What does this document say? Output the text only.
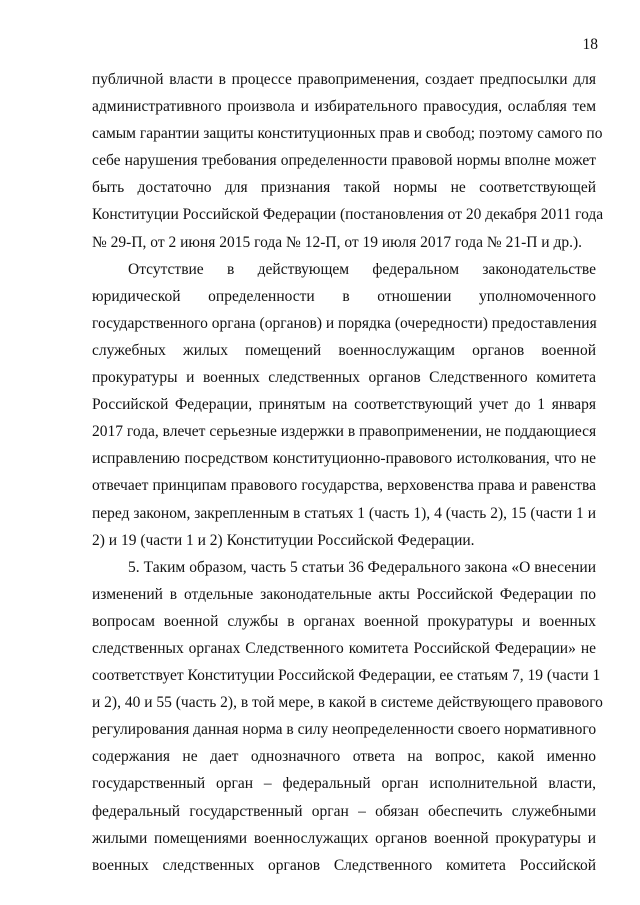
18
публичной власти в процессе правоприменения, создает предпосылки для
административного произвола и избирательного правосудия, ослабляя тем
самым гарантии защиты конституционных прав и свобод; поэтому самого по
себе нарушения требования определенности правовой нормы вполне может
быть достаточно для признания такой нормы не соответствующей
Конституции Российской Федерации (постановления от 20 декабря 2011 года
№ 29-П, от 2 июня 2015 года № 12-П, от 19 июля 2017 года № 21-П и др.).
Отсутствие в действующем федеральном законодательстве
юридической определенности в отношении уполномоченного
государственного органа (органов) и порядка (очередности) предоставления
служебных жилых помещений военнослужащим органов военной
прокуратуры и военных следственных органов Следственного комитета
Российской Федерации, принятым на соответствующий учет до 1 января
2017 года, влечет серьезные издержки в правоприменении, не поддающиеся
исправлению посредством конституционно-правового истолкования, что не
отвечает принципам правового государства, верховенства права и равенства
перед законом, закрепленным в статьях 1 (часть 1), 4 (часть 2), 15 (части 1 и
2) и 19 (части 1 и 2) Конституции Российской Федерации.
5. Таким образом, часть 5 статьи 36 Федерального закона «О внесении
изменений в отдельные законодательные акты Российской Федерации по
вопросам военной службы в органах военной прокуратуры и военных
следственных органах Следственного комитета Российской Федерации» не
соответствует Конституции Российской Федерации, ее статьям 7, 19 (части 1
и 2), 40 и 55 (часть 2), в той мере, в какой в системе действующего правового
регулирования данная норма в силу неопределенности своего нормативного
содержания не дает однозначного ответа на вопрос, какой именно
государственный орган – федеральный орган исполнительной власти,
федеральный государственный орган – обязан обеспечить служебными
жилыми помещениями военнослужащих органов военной прокуратуры и
военных следственных органов Следственного комитета Российской
